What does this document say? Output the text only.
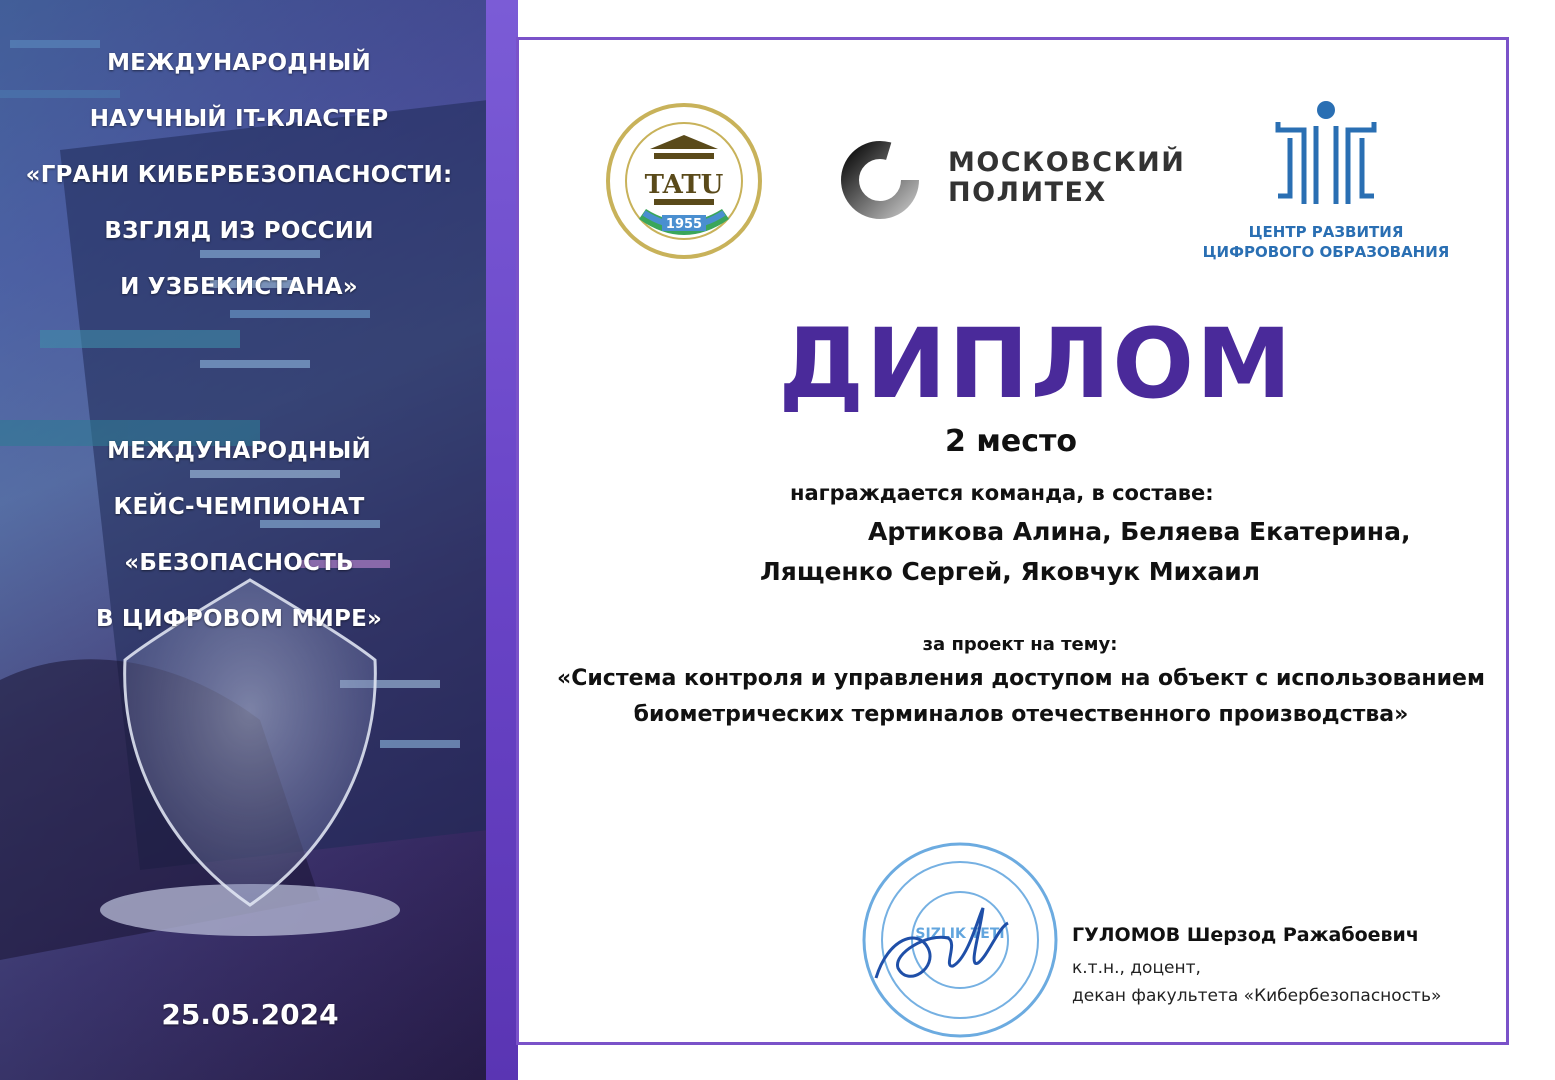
МЕЖДУНАРОДНЫЙ
НАУЧНЫЙ IT-КЛАСТЕР
«ГРАНИ КИБЕРБЕЗОПАСНОСТИ:
ВЗГЛЯД ИЗ РОССИИ
И УЗБЕКИСТАНА»
МЕЖДУНАРОДНЫЙ
КЕЙС-ЧЕМПИОНАТ
«БЕЗОПАСНОСТЬ
В ЦИФРОВОМ МИРЕ»
25.05.2024
TATU
1955
МОСКОВСКИЙ
ПОЛИТЕХ
ЦЕНТР РАЗВИТИЯ
ЦИФРОВОГО ОБРАЗОВАНИЯ
ДИПЛОМ
2 место
награждается команда, в составе:
Артикова Алина, Беляева Екатерина,
Лященко Сергей, Яковчук Михаил
за проект на тему:
«Система контроля и управления доступом на объект с использованием
биометрических терминалов отечественного производства»
SIZLIK TETI	ГУЛОМОВ Шерзод Ражабоевич
к.т.н., доцент,
декан факультета «Кибербезопасность»
